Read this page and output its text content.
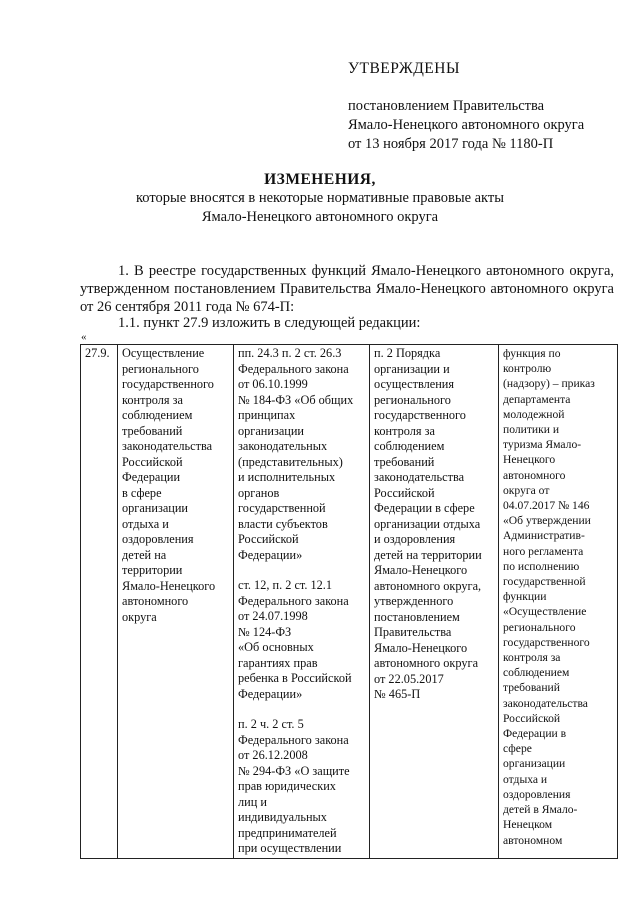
УТВЕРЖДЕНЫ
постановлением Правительства
Ямало-Ненецкого автономного округа
от 13 ноября 2017 года № 1180-П
ИЗМЕНЕНИЯ,
которые вносятся в некоторые нормативные правовые акты
Ямало-Ненецкого автономного округа
1. В реестре государственных функций Ямало-Ненецкого автономного округа, утвержденном постановлением Правительства Ямало-Ненецкого автономного округа от 26 сентября 2011 года № 674-П:
1.1. пункт 27.9 изложить в следующей редакции:
«
27.9.	Осуществление
регионального
государственного
контроля за
соблюдением
требований
законодательства
Российской
Федерации
в сфере
организации
отдыха и
оздоровления
детей на
территории
Ямало-Ненецкого
автономного
округа	пп. 24.3 п. 2 ст. 26.3
Федерального закона
от 06.10.1999
№ 184-ФЗ «Об общих
принципах
организации
законодательных
(представительных)
и исполнительных
органов
государственной
власти субъектов
Российской
Федерации»
ст. 12, п. 2 ст. 12.1
Федерального закона
от 24.07.1998
№ 124-ФЗ
«Об основных
гарантиях прав
ребенка в Российской
Федерации»
п. 2 ч. 2 ст. 5
Федерального закона
от 26.12.2008
№ 294-ФЗ «О защите
прав юридических
лиц и
индивидуальных
предпринимателей
при осуществлении	п. 2 Порядка
организации и
осуществления
регионального
государственного
контроля за
соблюдением
требований
законодательства
Российской
Федерации в сфере
организации отдыха
и оздоровления
детей на территории
Ямало-Ненецкого
автономного округа,
утвержденного
постановлением
Правительства
Ямало-Ненецкого
автономного округа
от 22.05.2017
№ 465-П	функция по
контролю
(надзору) – приказ
департамента
молодежной
политики и
туризма Ямало-
Ненецкого
автономного
округа от
04.07.2017 № 146
«Об утверждении
Административ-
ного регламента
по исполнению
государственной
функции
«Осуществление
регионального
государственного
контроля за
соблюдением
требований
законодательства
Российской
Федерации в
сфере
организации
отдыха и
оздоровления
детей в Ямало-
Ненецком
автономном
